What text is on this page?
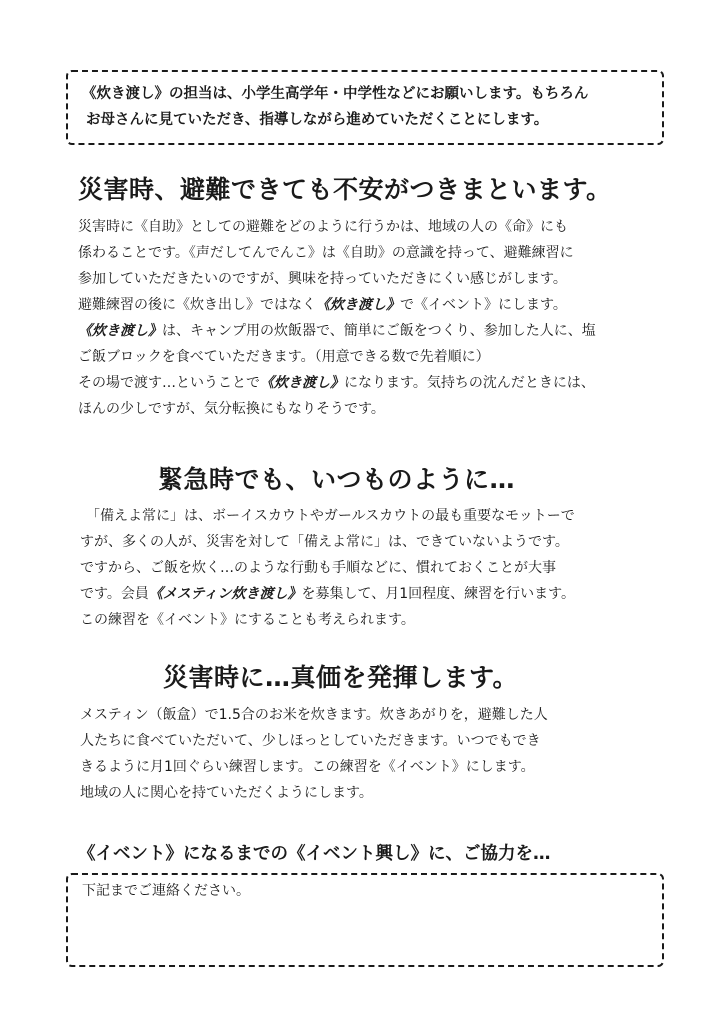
《炊き渡し》の担当は、小学生高学年・中学性などにお願いします。もちろん

お母さんに見ていただき、指導しながら進めていただくことにします。

災害時、避難できても不安がつきまといます。
災害時に《自助》としての避難をどのように行うかは、地域の人の《命》にも
係わることです。《声だしてんでんこ》は《自助》の意識を持って、避難練習に
参加していただきたいのですが、興味を持っていただきにくい感じがします。
避難練習の後に《炊き出し》ではなく《炊き渡し》で《イベント》にします。
《炊き渡し》は、キャンプ用の炊飯器で、簡単にご飯をつくり、参加した人に、塩
ご飯ブロックを食べていただきます。（用意できる数で先着順に）
その場で渡す…ということで《炊き渡し》になります。気持ちの沈んだときには、
ほんの少しですが、気分転換にもなりそうです。
緊急時でも、いつものように…
「備えよ常に」は、ボーイスカウトやガールスカウトの最も重要なモットーで
すが、多くの人が、災害を対して「備えよ常に」は、できていないようです。
ですから、ご飯を炊く…のような行動も手順などに、慣れておくことが大事
です。会員《メスティン炊き渡し》を募集して、月1回程度、練習を行います。
この練習を《イベント》にすることも考えられます。
災害時に…真価を発揮します。
メスティン（飯盒）で1.5合のお米を炊きます。炊きあがりを，避難した人
人たちに食べていただいて、少しほっとしていただきます。いつでもでき
きるように月1回ぐらい練習します。この練習を《イベント》にします。
地域の人に関心を持ていただくようにします。
《イベント》になるまでの《イベント興し》に、ご協力を…

下記までご連絡ください。
